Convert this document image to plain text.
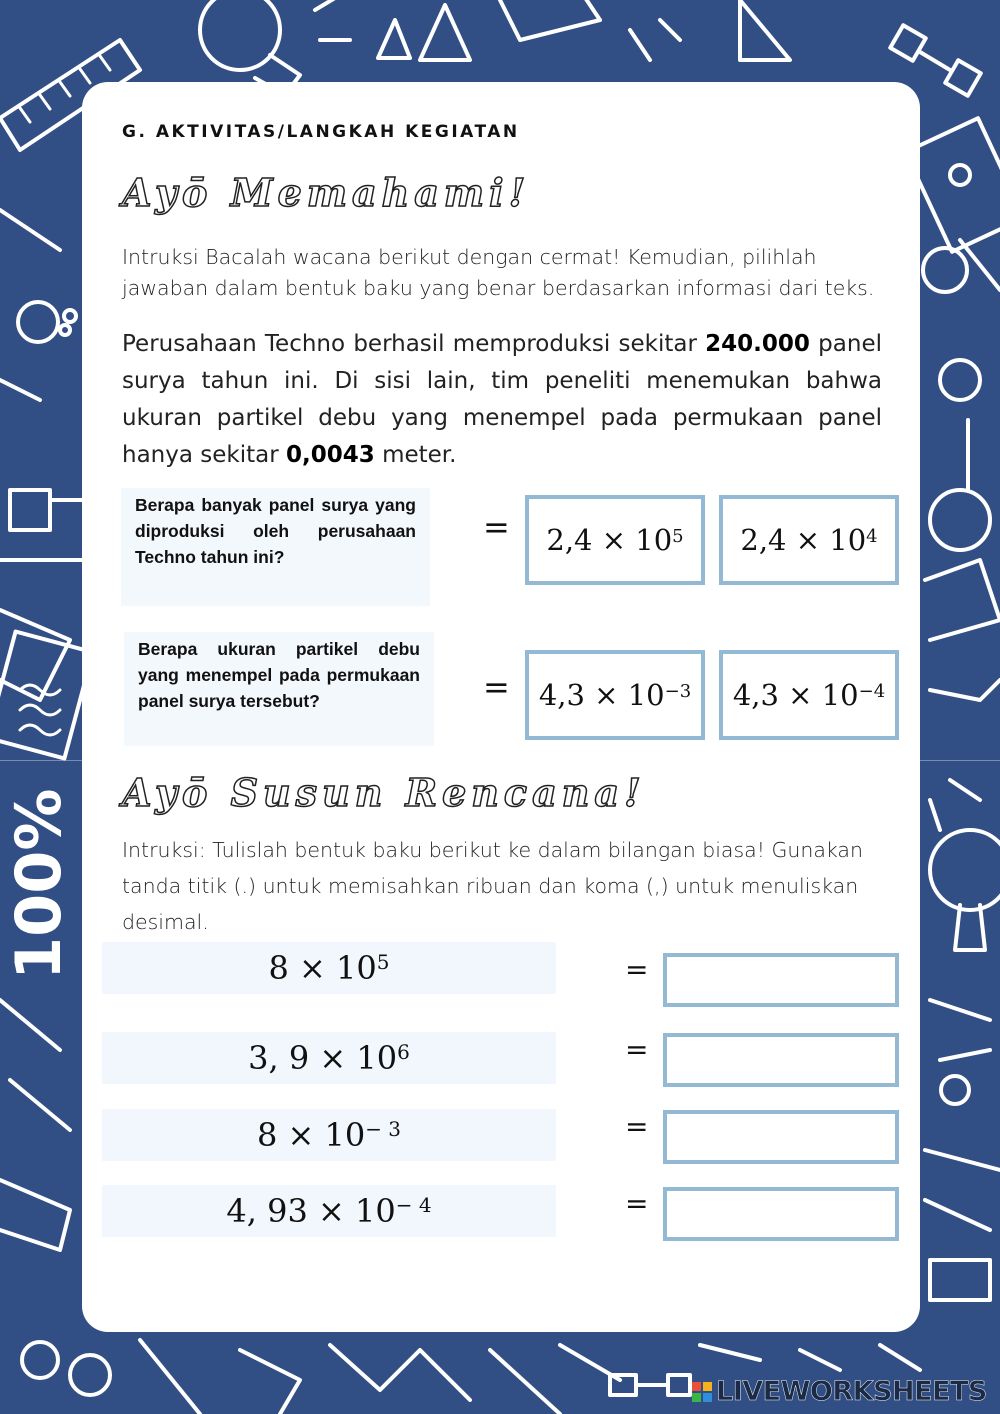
100%
G. AKTIVITAS/LANGKAH KEGIATAN
Ayō Memahami!
Intruksi Bacalah wacana berikut dengan cermat! Kemudian, pilihlah jawaban dalam bentuk baku yang benar berdasarkan informasi dari teks.
Perusahaan Techno berhasil memproduksi sekitar 240.000 panel surya tahun ini. Di sisi lain, tim peneliti menemukan bahwa ukuran partikel debu yang menempel pada permukaan panel hanya sekitar 0,0043 meter.
Berapa banyak panel surya yang diproduksi oleh perusahaan Techno tahun ini?
= $2,4 \times 10^5$ $2,4 \times 10^4$
Berapa ukuran partikel debu yang menempel pada permukaan panel surya tersebut?	= $4,3 \times 10^{-3}$ $4,3 \times 10^{-4}$
Ayō Susun Rencana!
Intruksi: Tulislah bentuk baku berikut ke dalam bilangan biasa! Gunakan tanda titik (.) untuk memisahkan ribuan dan koma (,) untuk menuliskan desimal.
$8 \times 10^5$	=
3, $9 \times 10^6$	=
$8 \times 10^{- 3}$	=
4, $93 \times 10^{- 4}$	=
LIVEWORKSHEETS
